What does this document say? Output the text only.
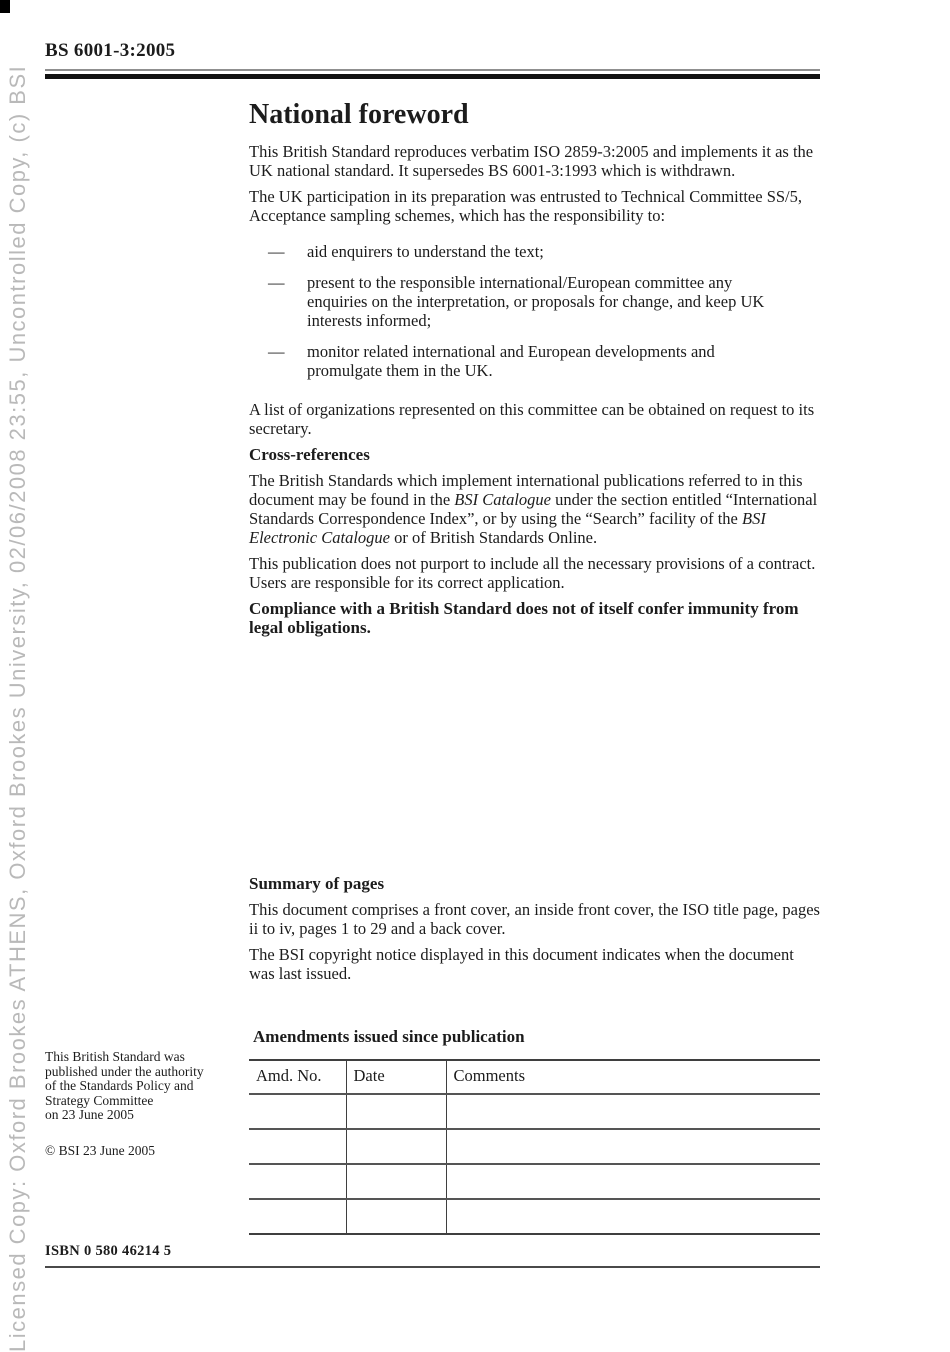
Licensed Copy: Oxford Brookes ATHENS, Oxford Brookes University, 02/06/2008 23:55, Uncontrolled Copy, (c) BSI
BS 6001-3:2005
National foreword

This British Standard reproduces verbatim ISO 2859-3:2005 and implements it as the UK national standard. It supersedes BS 6001-3:1993 which is withdrawn.

The UK participation in its preparation was entrusted to Technical Committee SS/5, Acceptance sampling schemes, which has the responsibility to:

— aid enquirers to understand the text;
— present to the responsible international/European committee any enquiries on the interpretation, or proposals for change, and keep UK interests informed;
— monitor related international and European developments and promulgate them in the UK.

A list of organizations represented on this committee can be obtained on request to its secretary.

Cross-references

The British Standards which implement international publications referred to in this document may be found in the BSI Catalogue under the section entitled “International Standards Correspondence Index”, or by using the “Search” facility of the BSI Electronic Catalogue or of British Standards Online.

This publication does not purport to include all the necessary provisions of a contract. Users are responsible for its correct application.

Compliance with a British Standard does not of itself confer immunity from legal obligations.

Summary of pages

This document comprises a front cover, an inside front cover, the ISO title page, pages ii to iv, pages 1 to 29 and a back cover.

The BSI copyright notice displayed in this document indicates when the document was last issued.

Amendments issued since publication
Amd. No.	Date	Comments

This British Standard was
published under the authority
of the Standards Policy and
Strategy Committee
on 23 June 2005
© BSI 23 June 2005
ISBN 0 580 46214 5
